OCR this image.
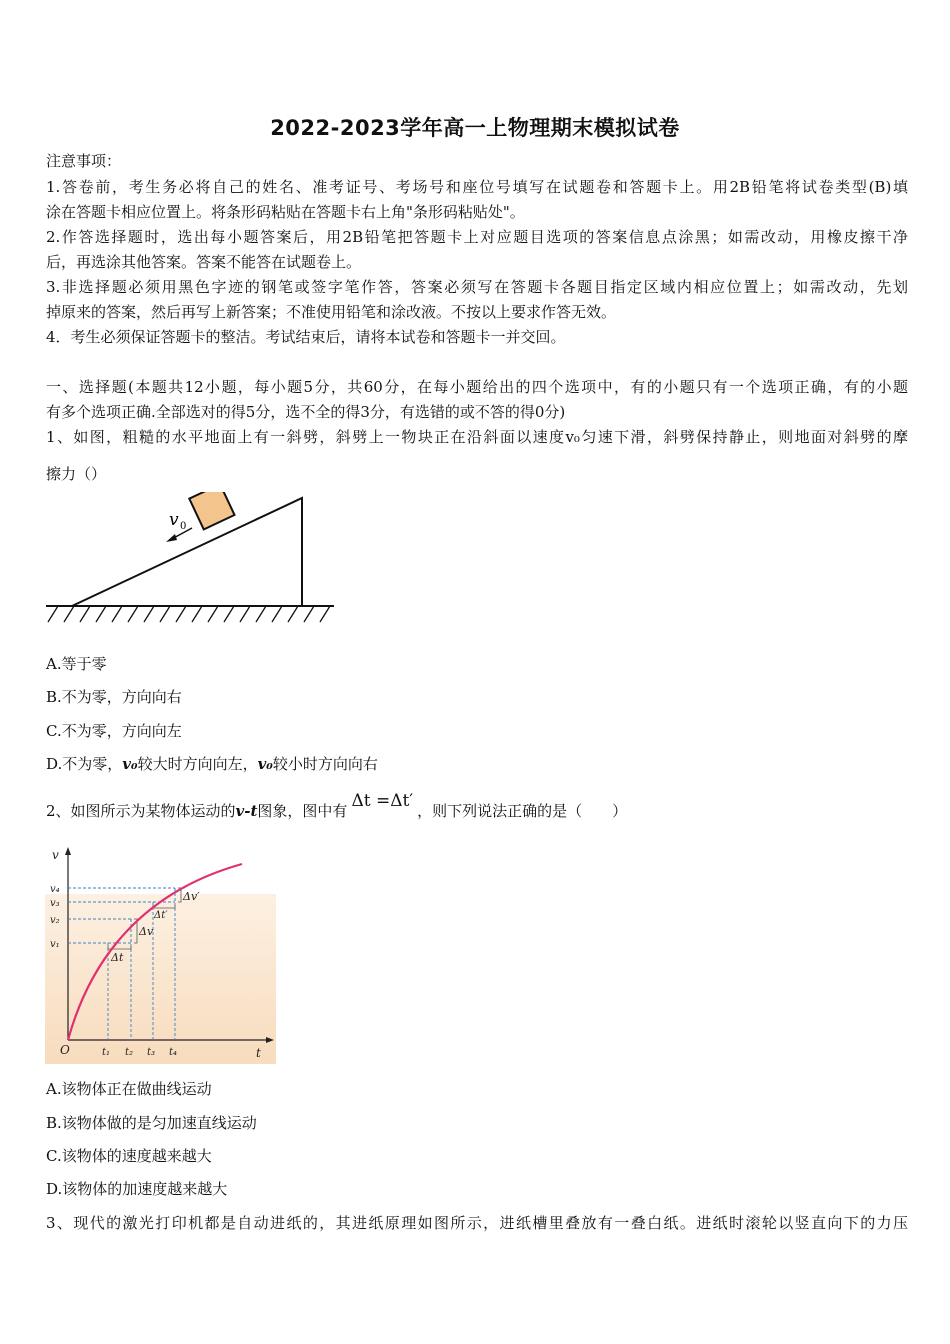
2022-2023学年高一上物理期末模拟试卷
注意事项：
1.答卷前，考生务必将自己的姓名、准考证号、考场号和座位号填写在试题卷和答题卡上。用2B铅笔将试卷类型(B)填
涂在答题卡相应位置上。将条形码粘贴在答题卡右上角"条形码粘贴处"。
2.作答选择题时，选出每小题答案后，用2B铅笔把答题卡上对应题目选项的答案信息点涂黑；如需改动，用橡皮擦干净
后，再选涂其他答案。答案不能答在试题卷上。
3.非选择题必须用黑色字迹的钢笔或签字笔作答，答案必须写在答题卡各题目指定区域内相应位置上；如需改动，先划
掉原来的答案，然后再写上新答案；不准使用铅笔和涂改液。不按以上要求作答无效。
4．考生必须保证答题卡的整洁。考试结束后，请将本试卷和答题卡一并交回。
一、选择题(本题共12小题，每小题5分，共60分，在每小题给出的四个选项中，有的小题只有一个选项正确，有的小题
有多个选项正确.全部选对的得5分，选不全的得3分，有选错的或不答的得0分)
1、如图，粗糙的水平地面上有一斜劈，斜劈上一物块正在沿斜面以速度v₀匀速下滑，斜劈保持静止，则地面对斜劈的摩
擦力（）
v 0
A.等于零
B.不为零，方向向右
C.不为零，方向向左
D.不为零，v₀较大时方向向左，v₀较小时方向向右
2、如图所示为某物体运动的v-t图象，图中有 Δt =Δt′ ，则下列说法正确的是（　　）
v
t
O
v₁
v₂
v₃
v₄
t₁ t₂ t₃ t₄
Δv
Δt
Δv′
Δt′
A.该物体正在做曲线运动
B.该物体做的是匀加速直线运动
C.该物体的速度越来越大
D.该物体的加速度越来越大
3、现代的激光打印机都是自动进纸的，其进纸原理如图所示，进纸槽里叠放有一叠白纸。进纸时滚轮以竖直向下的力压
